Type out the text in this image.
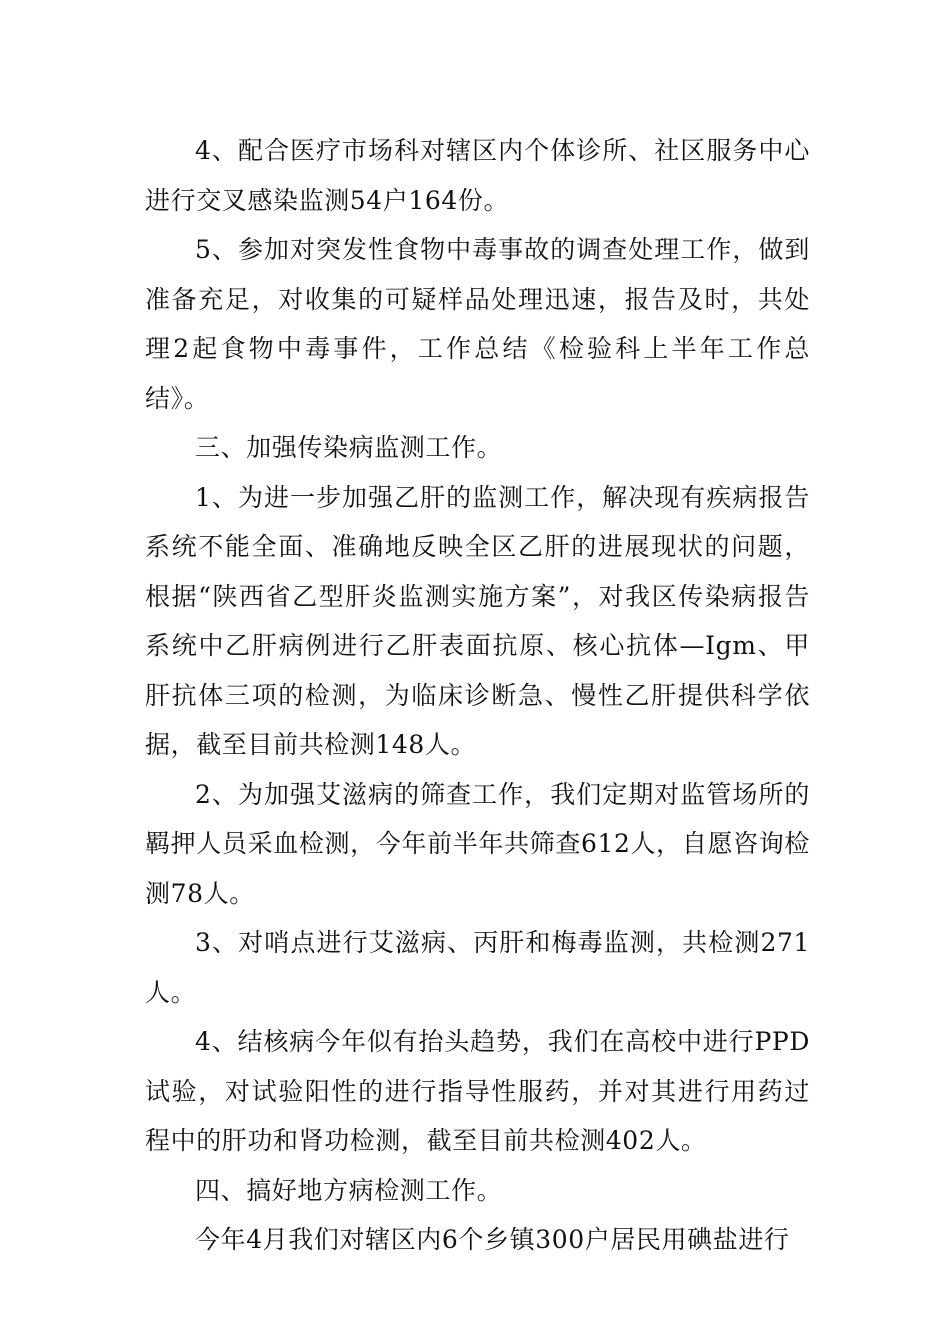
4、配合医疗市场科对辖区内个体诊所、社区服务中心进行交叉感染监测54户164份。

5、参加对突发性食物中毒事故的调查处理工作，做到准备充足，对收集的可疑样品处理迅速，报告及时，共处理2起食物中毒事件，工作总结《检验科上半年工作总结》。

三、加强传染病监测工作。

1、为进一步加强乙肝的监测工作，解决现有疾病报告系统不能全面、准确地反映全区乙肝的进展现状的问题，根据“陕西省乙型肝炎监测实施方案”，对我区传染病报告系统中乙肝病例进行乙肝表面抗原、核心抗体—Igm、甲肝抗体三项的检测，为临床诊断急、慢性乙肝提供科学依据，截至目前共检测148人。

2、为加强艾滋病的筛查工作，我们定期对监管场所的羁押人员采血检测，今年前半年共筛查612人，自愿咨询检测78人。

3、对哨点进行艾滋病、丙肝和梅毒监测，共检测271人。

4、结核病今年似有抬头趋势，我们在高校中进行PPD试验，对试验阳性的进行指导性服药，并对其进行用药过程中的肝功和肾功检测，截至目前共检测402人。

四、搞好地方病检测工作。

今年4月我们对辖区内6个乡镇300户居民用碘盐进行
